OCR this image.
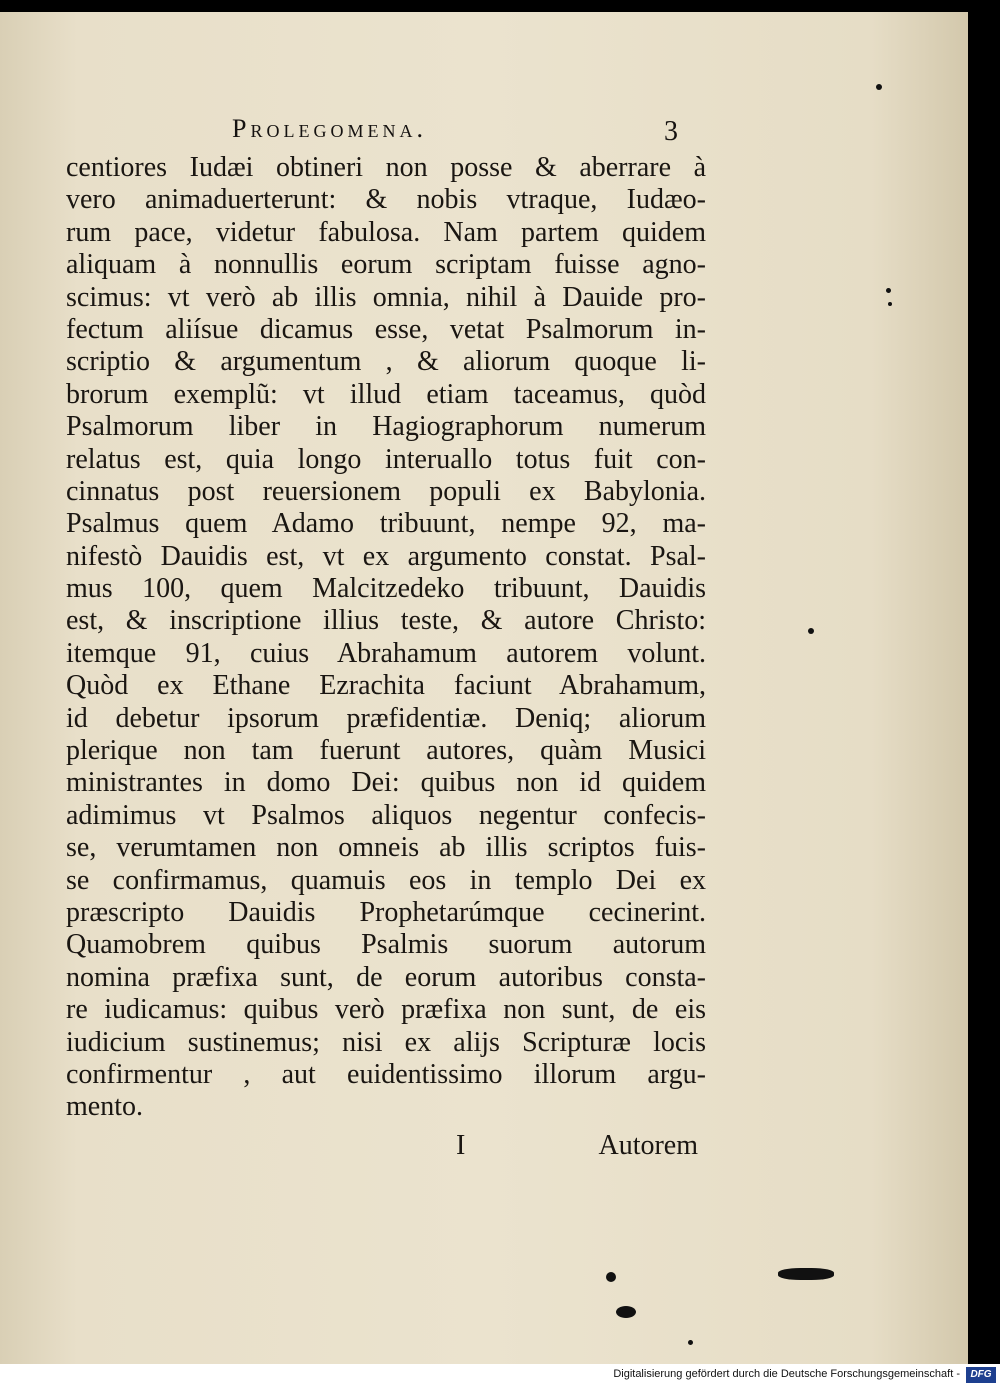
Prolegomena.	3
centiores Iudæi obtineri non posse & aberrare à
vero animaduerterunt: & nobis vtraque, Iudæo-
rum pace, videtur fabulosa. Nam partem quidem
aliquam à nonnullis eorum scriptam fuisse agno-
scimus: vt verò ab illis omnia, nihil à Dauide pro-
fectum aliísue dicamus esse, vetat Psalmorum in-
scriptio & argumentum , & aliorum quoque li-
brorum exemplũ: vt illud etiam taceamus, quòd
Psalmorum liber in Hagiographorum numerum
relatus est, quia longo interuallo totus fuit con-
cinnatus post reuersionem populi ex Babylonia.
Psalmus quem Adamo tribuunt, nempe 92, ma-
nifestò Dauidis est, vt ex argumento constat. Psal-
mus 100, quem Malcitzedeko tribuunt, Dauidis
est, & inscriptione illius teste, & autore Christo:
itemque 91, cuius Abrahamum autorem volunt.
Quòd ex Ethane Ezrachita faciunt Abrahamum,
id debetur ipsorum præfidentiæ. Deniq; aliorum
plerique non tam fuerunt autores, quàm Musici
ministrantes in domo Dei: quibus non id quidem
adimimus vt Psalmos aliquos negentur confecis-
se, verumtamen non omneis ab illis scriptos fuis-
se confirmamus, quamuis eos in templo Dei ex
præscripto Dauidis Prophetarúmque cecinerint.
Quamobrem quibus Psalmis suorum autorum
nomina præfixa sunt, de eorum autoribus consta-
re iudicamus: quibus verò præfixa non sunt, de eis
iudicium sustinemus; nisi ex alijs Scripturæ locis
confirmentur , aut euidentissimo illorum argu-
mento.
I	Autorem
Digitalisierung gefördert durch die Deutsche Forschungsgemeinschaft -	DFG
